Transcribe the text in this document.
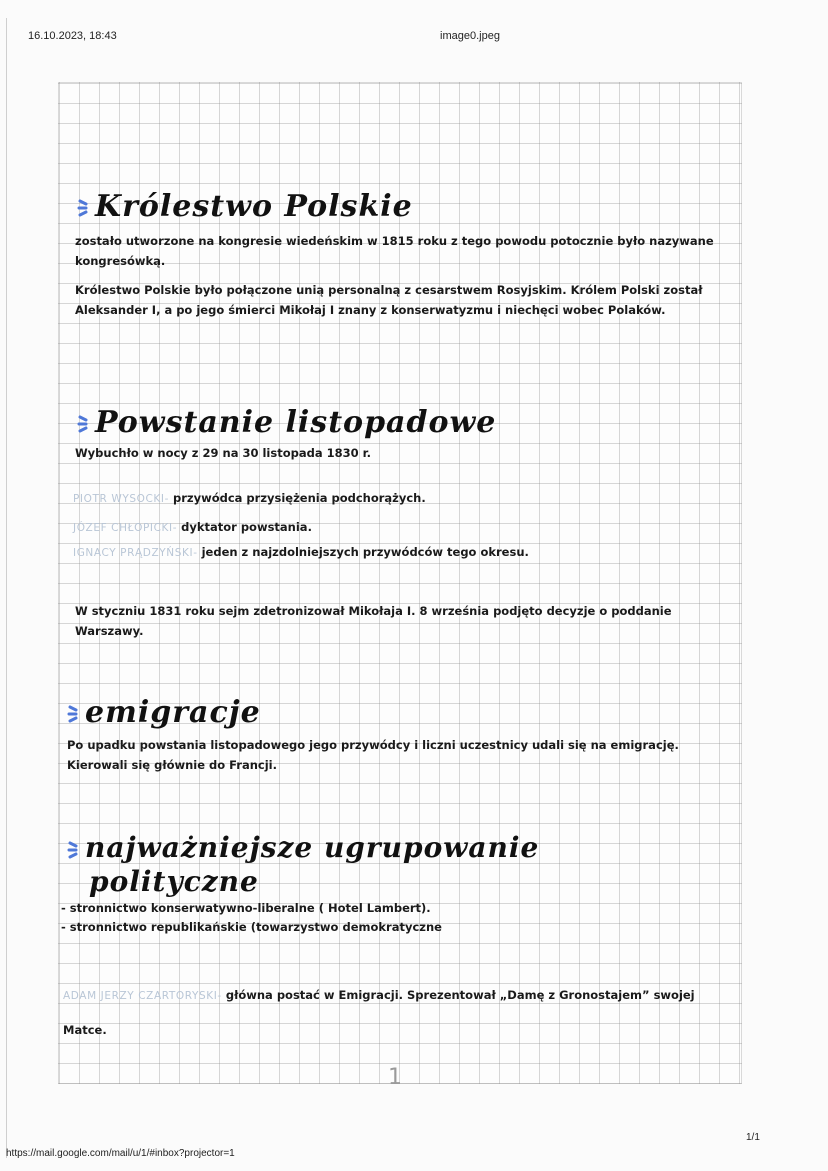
16.10.2023, 18:43	image0.jpeg
Królestwo Polskie
zostało utworzone na kongresie wiedeńskim w 1815 roku z tego powodu potocznie było nazywane kongresówką.
Królestwo Polskie było połączone unią personalną z cesarstwem Rosyjskim. Królem Polski został Aleksander I, a po jego śmierci Mikołaj I znany z konserwatyzmu i niechęci wobec Polaków.
Powstanie listopadowe
Wybuchło w nocy z 29 na 30 listopada 1830 r.
PIOTR WYSOCKI- przywódca przysiężenia podchorążych.
JÓZEF CHŁOPICKI- dyktator powstania.
IGNACY PRĄDZYŃSKI- jeden z najzdolniejszych przywódców tego okresu.
W styczniu 1831 roku sejm zdetronizował Mikołaja I. 8 września podjęto decyzje o poddanie Warszawy.
emigracje
Po upadku powstania listopadowego jego przywódcy i liczni uczestnicy udali się na emigrację. Kierowali się głównie do Francji.
najważniejsze ugrupowanie
polityczne
- stronnictwo konserwatywno-liberalne ( Hotel Lambert).
- stronnictwo republikańskie (towarzystwo demokratyczne
ADAM JERZY CZARTORYSKI- główna postać w Emigracji. Sprezentował „Damę z Gronostajem” swojej Matce.
1
https://mail.google.com/mail/u/1/#inbox?projector=1
1/1
